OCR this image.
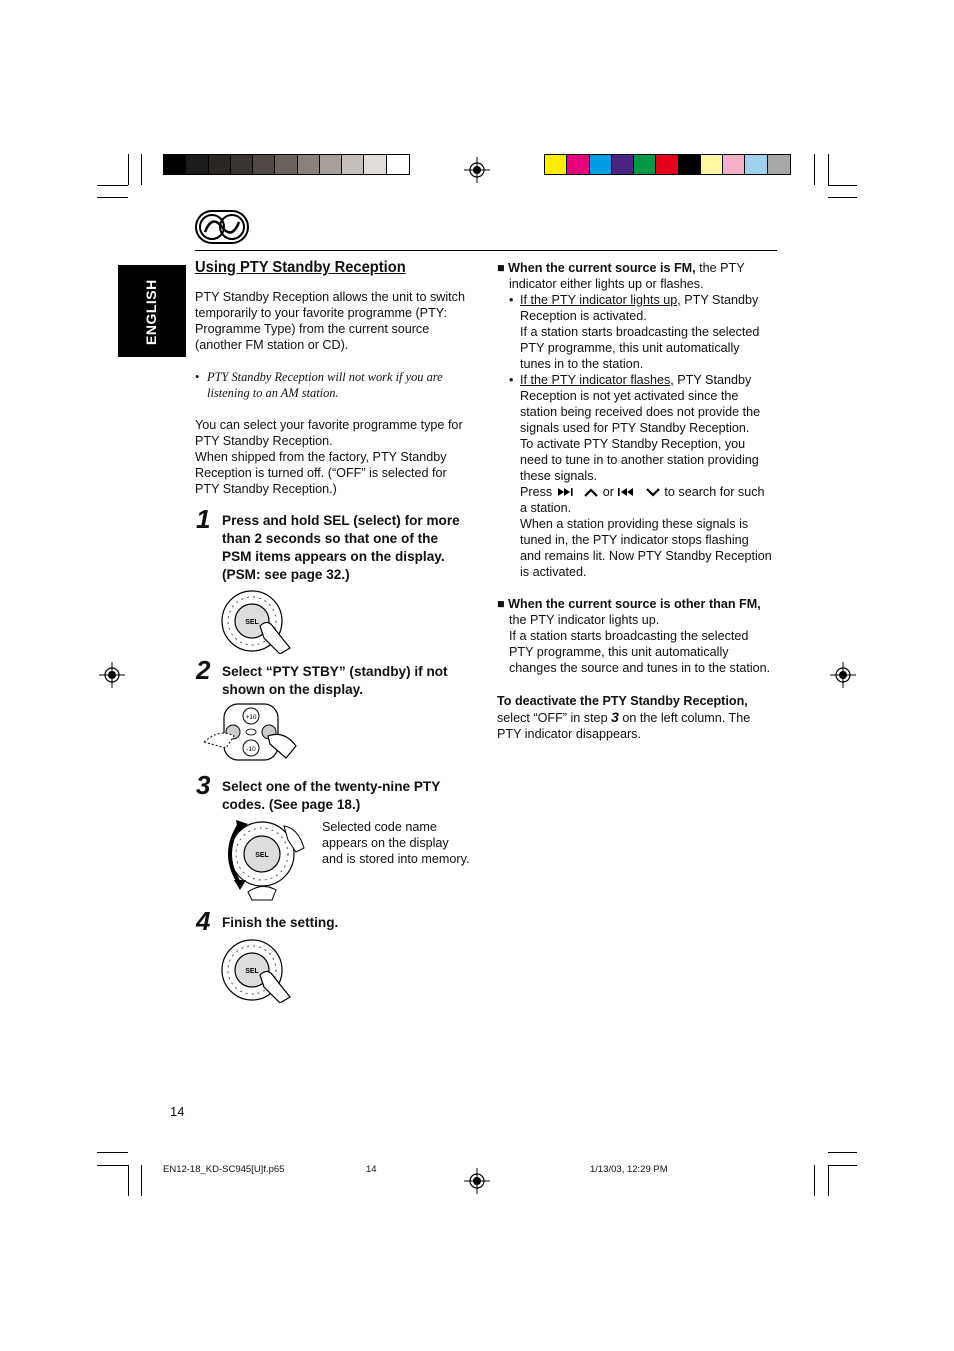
ENGLISH
Using PTY Standby Reception
PTY Standby Reception allows the unit to switch
temporarily to your favorite programme (PTY:
Programme Type) from the current source
(another FM station or CD).
• PTY Standby Reception will not work if you are
listening to an AM station.
You can select your favorite programme type for
PTY Standby Reception.
When shipped from the factory, PTY Standby
Reception is turned off. (“OFF” is selected for
PTY Standby Reception.)
1 Press and hold SEL (select) for more
than 2 seconds so that one of the
PSM items appears on the display.
(PSM: see page 32.)
SEL
2 Select “PTY STBY” (standby) if not
shown on the display.
+10
-10
3 Select one of the twenty-nine PTY
codes. (See page 18.)
SEL
Selected code name
appears on the display
and is stored into memory.
4 Finish the setting.
SEL
■ When the current source is FM, the PTY
indicator either lights up or flashes.
• If the PTY indicator lights up, PTY Standby
Reception is activated.
If a station starts broadcasting the selected
PTY programme, this unit automatically
tunes in to the station.
• If the PTY indicator flashes, PTY Standby
Reception is not yet activated since the
station being received does not provide the
signals used for PTY Standby Reception.
To activate PTY Standby Reception, you
need to tune in to another station providing
these signals.
Press	or	to search for such
a station.
When a station providing these signals is
tuned in, the PTY indicator stops flashing
and remains lit. Now PTY Standby Reception
is activated.
■ When the current source is other than FM,
the PTY indicator lights up.
If a station starts broadcasting the selected
PTY programme, this unit automatically
changes the source and tunes in to the station.
To deactivate the PTY Standby Reception,
select “OFF” in step 3 on the left column. The
PTY indicator disappears.
14
EN12-18_KD-SC945[U]f.p65	14	1/13/03, 12:29 PM
